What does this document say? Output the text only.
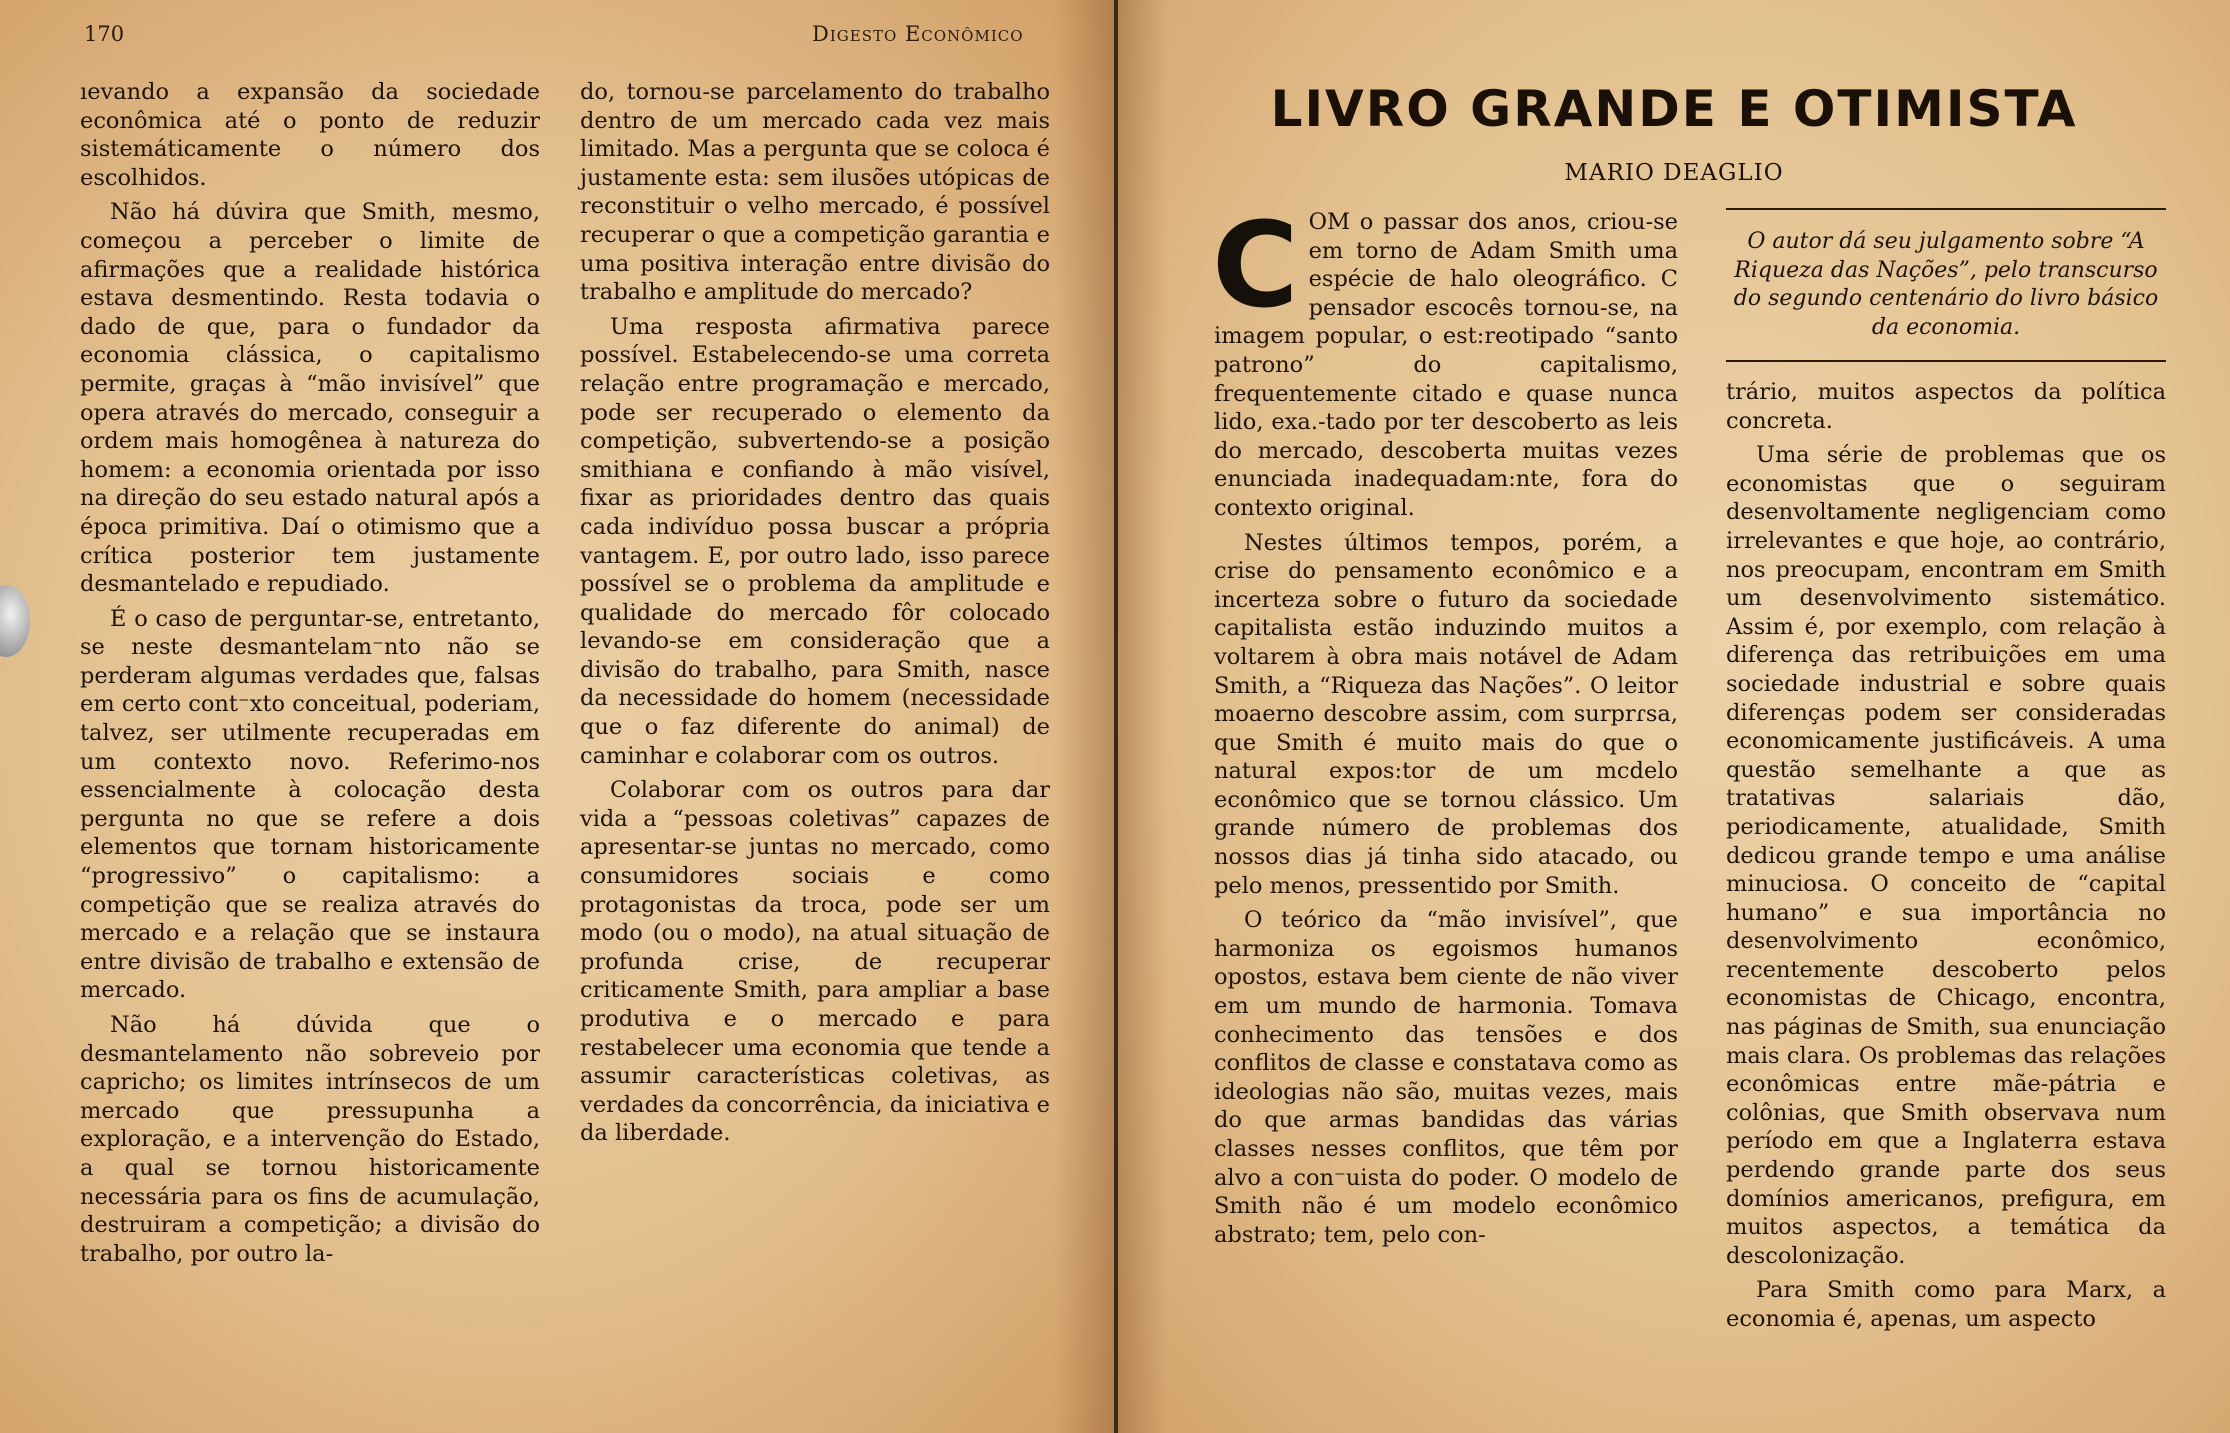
170	Digesto Econômico

ıevando a expansão da sociedade econômica até o ponto de reduzir sistemáticamente o número dos escolhidos.

Não há dúvira que Smith, mesmo, começou a perceber o limite de afirmações que a realidade histórica estava desmentindo. Resta todavia o dado de que, para o fundador da economia clássica, o capitalismo permite, graças à “mão invisível” que opera através do mercado, conseguir a ordem mais homogênea à natureza do homem: a economia orientada por isso na direção do seu estado natural após a época primitiva. Daí o otimismo que a crítica posterior tem justamente desmantelado e repudiado.

É o caso de perguntar-se, entretanto, se neste desmantelam⁻nto não se perderam algumas verdades que, falsas em certo cont⁻xto conceitual, poderiam, talvez, ser utilmente recuperadas em um contexto novo. Referimo-nos essencialmente à colocação desta pergunta no que se refere a dois elementos que tornam historicamente “progressivo” o capitalismo: a competição que se realiza através do mercado e a relação que se instaura entre divisão de trabalho e extensão de mercado.

Não há dúvida que o desmantelamento não sobreveio por capricho; os limites intrínsecos de um mercado que pressupunha a exploração, e a intervenção do Estado, a qual se tornou historicamente necessária para os fins de acumulação, destruiram a competição; a divisão do trabalho, por outro la-

do, tornou-se parcelamento do trabalho dentro de um mercado cada vez mais limitado. Mas a pergunta que se coloca é justamente esta: sem ilusões utópicas de reconstituir o velho mercado, é possível recuperar o que a competição garantia e uma positiva interação entre divisão do trabalho e amplitude do mercado?

Uma resposta afirmativa parece possível. Estabelecendo-se uma correta relação entre programação e mercado, pode ser recuperado o elemento da competição, subvertendo-se a posição smithiana e confiando à mão visível, fixar as prioridades dentro das quais cada indivíduo possa buscar a própria vantagem. E, por outro lado, isso parece possível se o problema da amplitude e qualidade do mercado fôr colocado levando-se em consideração que a divisão do trabalho, para Smith, nasce da necessidade do homem (necessidade que o faz diferente do animal) de caminhar e colaborar com os outros.

Colaborar com os outros para dar vida a “pessoas coletivas” capazes de apresentar-se juntas no mercado, como consumidores sociais e como protagonistas da troca, pode ser um modo (ou o modo), na atual situação de profunda crise, de recuperar criticamente Smith, para ampliar a base produtiva e o mercado e para restabelecer uma economia que tende a assumir características coletivas, as verdades da concorrência, da iniciativa e da liberdade.

LIVRO GRANDE E OTIMISTA
MARIO DEAGLIO

COM o passar dos anos, criou-se em torno de Adam Smith uma espécie de halo oleográfico. C pensador escocês tornou-se, na imagem popular, o est:reotipado “santo patrono” do capitalismo, frequentemente citado e quase nunca lido, exa.-tado por ter descoberto as leis do mercado, descoberta muitas vezes enunciada inadequadam:nte, fora do contexto original.

Nestes últimos tempos, porém, a crise do pensamento econômico e a incerteza sobre o futuro da sociedade capitalista estão induzindo muitos a voltarem à obra mais notável de Adam Smith, a “Riqueza das Nações”. O leitor moaerno descobre assim, com surprɾsa, que Smith é muito mais do que o natural expos:tor de um mcdelo econômico que se tornou clássico. Um grande número de problemas dos nossos dias já tinha sido atacado, ou pelo menos, pressentido por Smith.

O teórico da “mão invisível”, que harmoniza os egoismos humanos opostos, estava bem ciente de não viver em um mundo de harmonia. Tomava conhecimento das tensões e dos conflitos de classe e constatava como as ideologias não são, muitas vezes, mais do que armas bandidas das várias classes nesses conflitos, que têm por alvo a con⁻uista do poder. O modelo de Smith não é um modelo econômico abstrato; tem, pelo con-

O autor dá seu julgamento sobre “A Riqueza das Nações”, pelo transcurso do segundo centenário do livro básico da economia.

trário, muitos aspectos da política concreta.

Uma série de problemas que os economistas que o seguiram desenvoltamente negligenciam como irrelevantes e que hoje, ao contrário, nos preocupam, encontram em Smith um desenvolvimento sistemático. Assim é, por exemplo, com relação à diferença das retribuições em uma sociedade industrial e sobre quais diferenças podem ser consideradas economicamente justificáveis. A uma questão semelhante a que as tratativas salariais dão, periodicamente, atualidade, Smith dedicou grande tempo e uma análise minuciosa. O conceito de “capital humano” e sua importância no desenvolvimento econômico, recentemente descoberto pelos economistas de Chicago, encontra, nas páginas de Smith, sua enunciação mais clara. Os problemas das relações econômicas entre mãe-pátria e colônias, que Smith observava num período em que a Inglaterra estava perdendo grande parte dos seus domínios americanos, prefigura, em muitos aspectos, a temática da descolonização.

Para Smith como para Marx, a economia é, apenas, um aspecto
